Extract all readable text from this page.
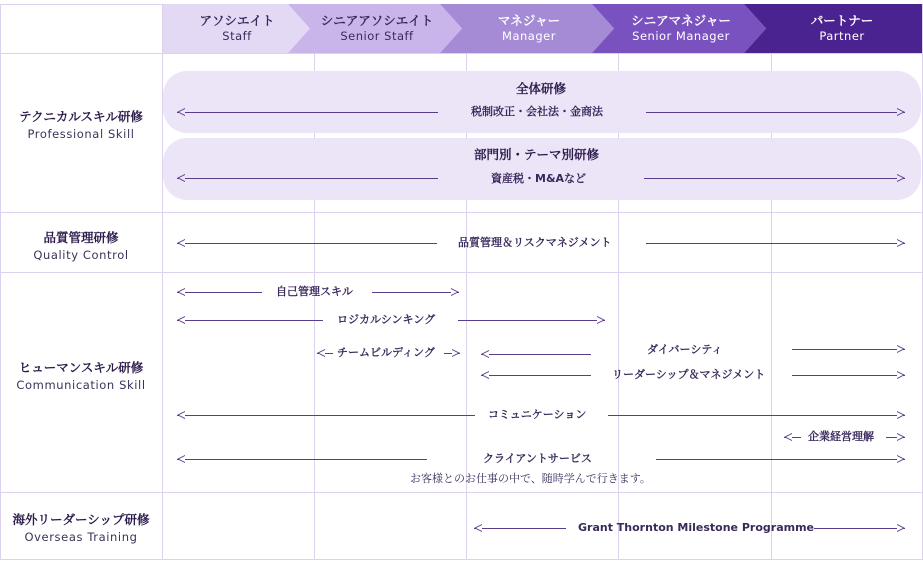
アソシエイト
Staff
シニアアソシエイト
Senior Staff
マネジャー
Manager
シニアマネジャー
Senior Manager
パートナー
Partner
テクニカルスキル研修
Professional Skill
品質管理研修
Quality Control
ヒューマンスキル研修
Communication Skill
海外リーダーシップ研修
Overseas Training
全体研修
税制改正・会社法・金商法
部門別・テーマ別研修
資産税・M&Aなど
品質管理＆リスクマネジメント
自己管理スキル
ロジカルシンキング
チームビルディング	ダイバーシティ
リーダーシップ＆マネジメント
コミュニケーション
企業経営理解
クライアントサービス
お客様とのお仕事の中で、随時学んで行きます。
Grant Thornton Milestone Programme
